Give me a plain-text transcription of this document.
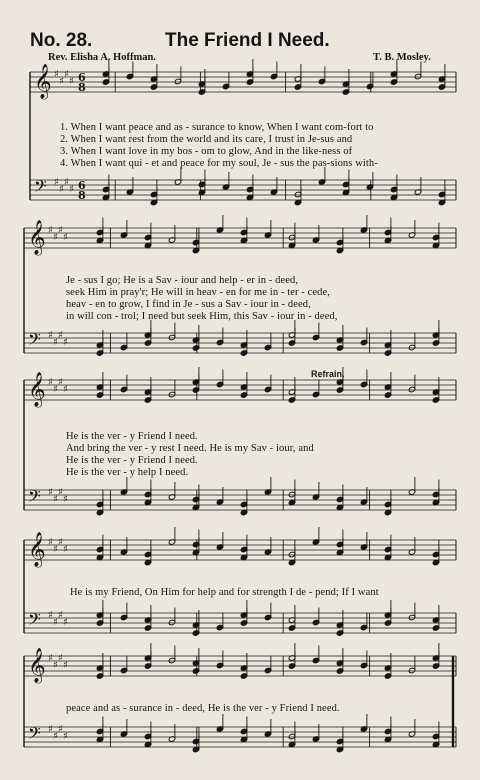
No. 28.	The Friend I Need.
Rev. Elisha A. Hoffman.	T. B. Mosley.
𝄞 ♯
♯
♯
♯
𝄢 ♯
♯
♯
♯
6
8
6
8
𝄞 ♯
♯
♯
♯
𝄢 ♯
♯
♯
♯
𝄞 ♯
♯
♯
♯
𝄢 ♯
♯
♯
♯
𝄞 ♯
♯
♯
♯
𝄢 ♯
♯
♯
♯
𝄞 ♯
♯
♯
♯
𝄢 ♯
♯
♯
♯
1. When I want peace and as - surance to know, When I want com-fort to
2. When I want rest from the world and its care, I trust in Je-sus and
3. When I want love in my bos - om to glow, And in the like-ness of
4. When I want qui - et and peace for my soul, Je - sus the pas-sions with-
Je - sus I go; He is a Sav - iour and help - er in - deed,
seek Him in pray'r; He will in heav - en for me in - ter - cede,
heav - en to grow, I find in Je - sus a Sav - iour in - deed,
in will con - trol; I need but seek Him, this Sav - iour in - deed,
Refrain.
He is the ver - y Friend I need.
And bring the ver - y rest I need. He is my Sav - iour, and
He is the ver - y Friend I need.
He is the ver - y help I need.
He is my Friend, On Him for help and for strength I de - pend; If I want
peace and as - surance in - deed, He is the ver - y Friend I need.
